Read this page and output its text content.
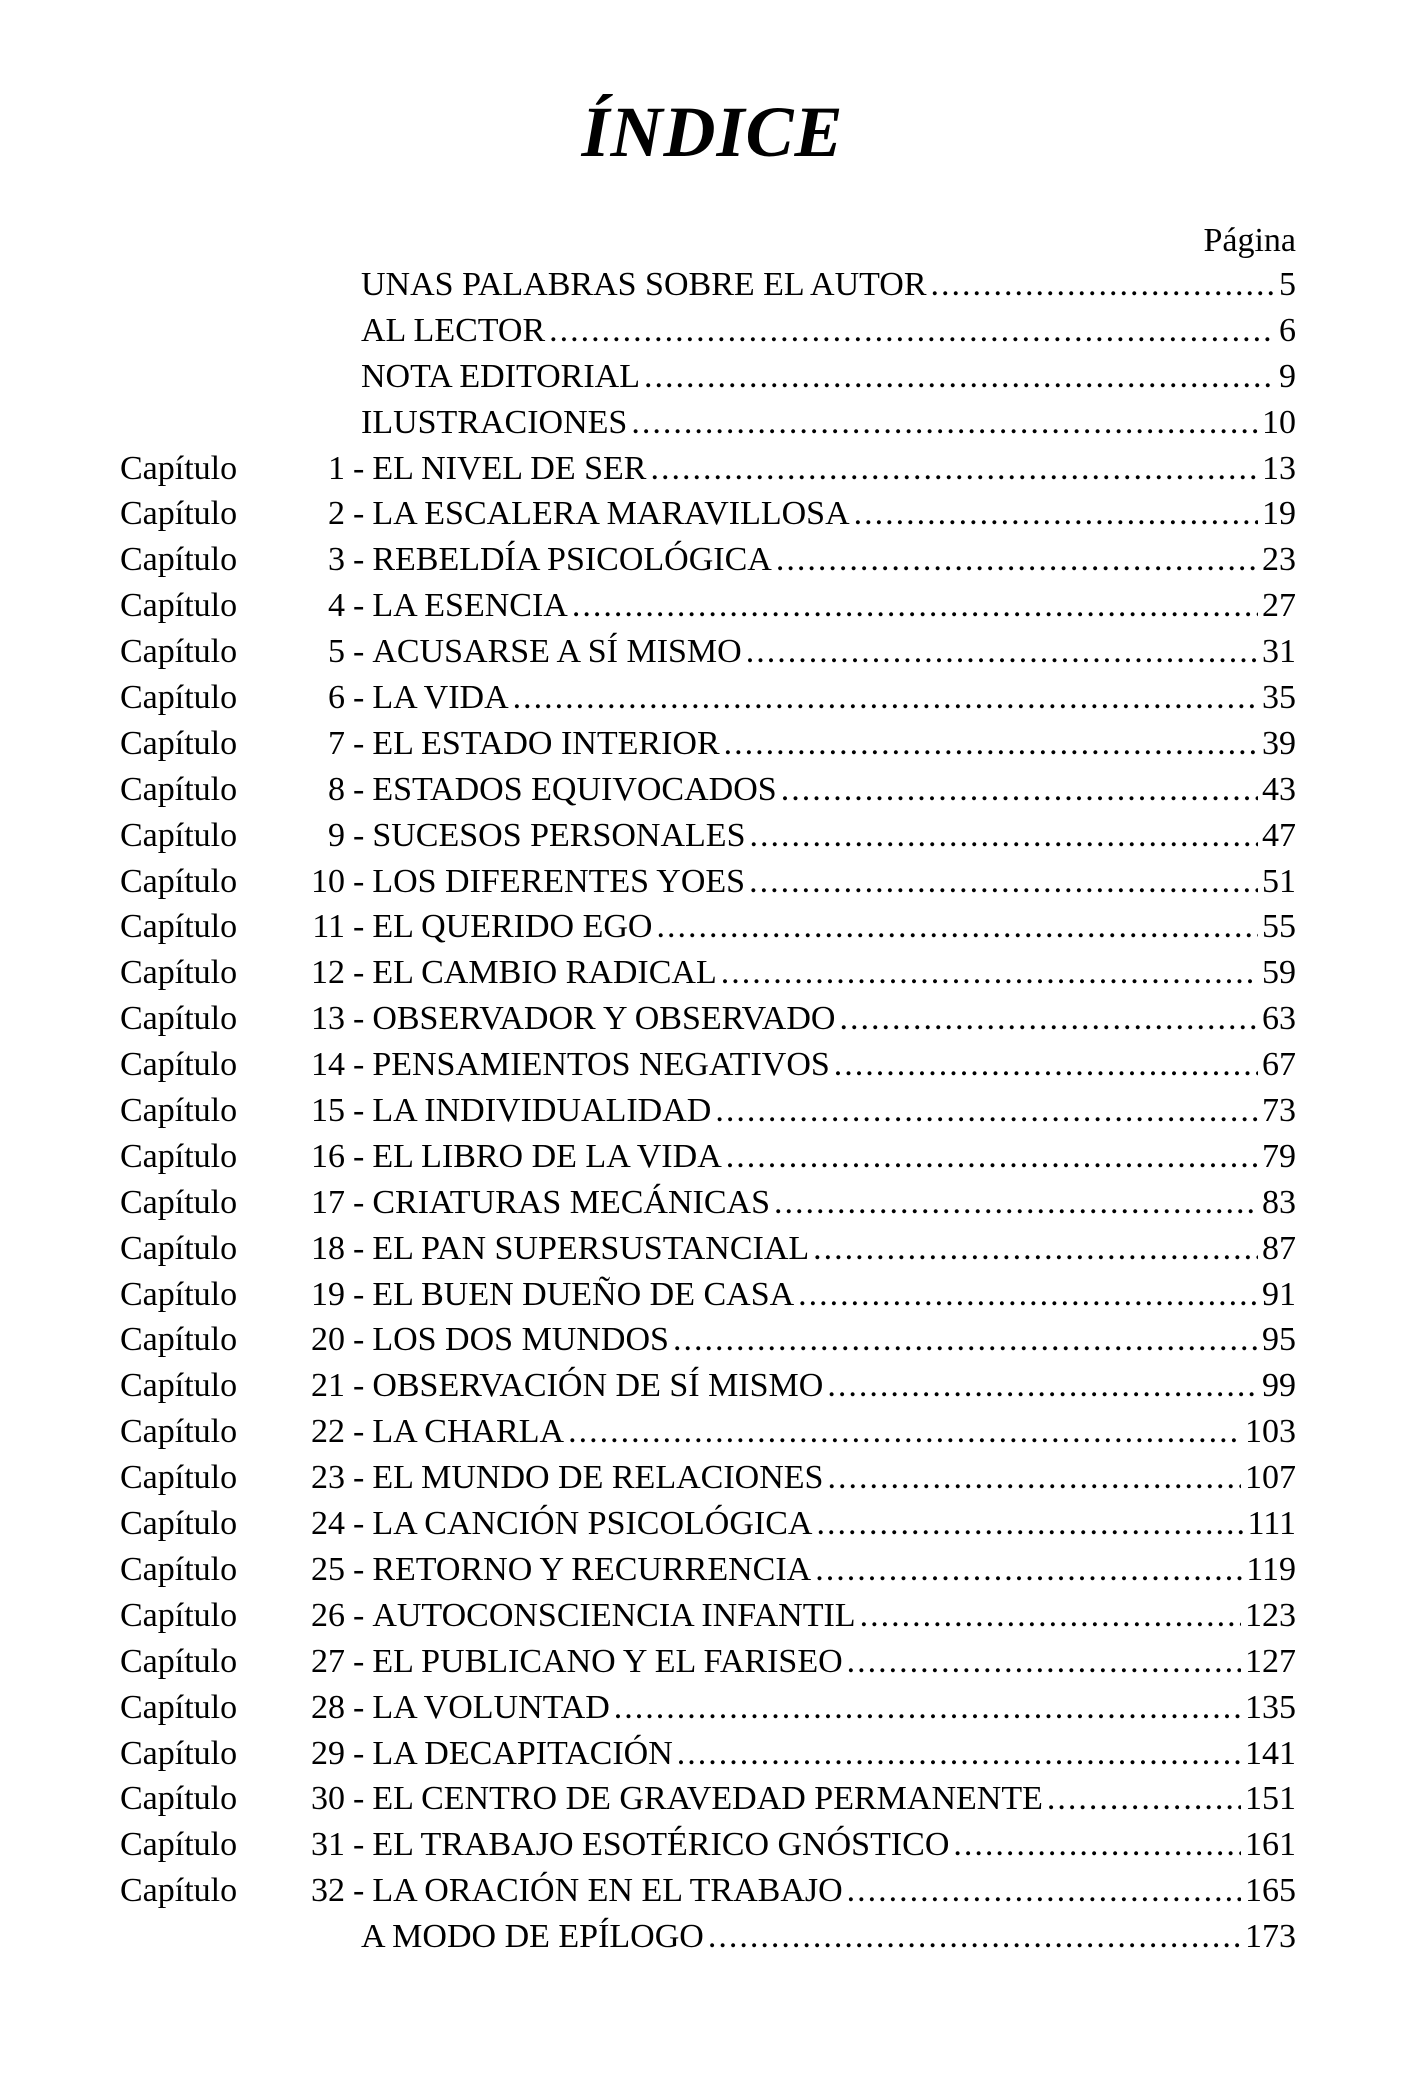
ÍNDICE
Página
UNAS PALABRAS SOBRE EL AUTOR .....	5
AL LECTOR .....	6
NOTA EDITORIAL .....	9
ILUSTRACIONES .....	10
Capítulo	1 - EL NIVEL DE SER .....	13
Capítulo	2 - LA ESCALERA MARAVILLOSA .....	19
Capítulo	3 - REBELDÍA PSICOLÓGICA .....	23
Capítulo	4 - LA ESENCIA .....	27
Capítulo	5 - ACUSARSE A SÍ MISMO .....	31
Capítulo	6 - LA VIDA .....	35
Capítulo	7 - EL ESTADO INTERIOR .....	39
Capítulo	8 - ESTADOS EQUIVOCADOS .....	43
Capítulo	9 - SUCESOS PERSONALES .....	47
Capítulo	10 - LOS DIFERENTES YOES .....	51
Capítulo	11 - EL QUERIDO EGO .....	55
Capítulo	12 - EL CAMBIO RADICAL .....	59
Capítulo	13 - OBSERVADOR Y OBSERVADO .....	63
Capítulo	14 - PENSAMIENTOS NEGATIVOS .....	67
Capítulo	15 - LA INDIVIDUALIDAD .....	73
Capítulo	16 - EL LIBRO DE LA VIDA .....	79
Capítulo	17 - CRIATURAS MECÁNICAS .....	83
Capítulo	18 - EL PAN SUPERSUSTANCIAL .....	87
Capítulo	19 - EL BUEN DUEÑO DE CASA .....	91
Capítulo	20 - LOS DOS MUNDOS .....	95
Capítulo	21 - OBSERVACIÓN DE SÍ MISMO .....	99
Capítulo	22 - LA CHARLA .....	103
Capítulo	23 - EL MUNDO DE RELACIONES .....	107
Capítulo	24 - LA CANCIÓN PSICOLÓGICA .....	111
Capítulo	25 - RETORNO Y RECURRENCIA .....	119
Capítulo	26 - AUTOCONSCIENCIA INFANTIL .....	123
Capítulo	27 - EL PUBLICANO Y EL FARISEO .....	127
Capítulo	28 - LA VOLUNTAD .....	135
Capítulo	29 - LA DECAPITACIÓN .....	141
Capítulo	30 - EL CENTRO DE GRAVEDAD PERMANENTE .....	151
Capítulo	31 - EL TRABAJO ESOTÉRICO GNÓSTICO .....	161
Capítulo	32 - LA ORACIÓN EN EL TRABAJO .....	165
A MODO DE EPÍLOGO .....	173
